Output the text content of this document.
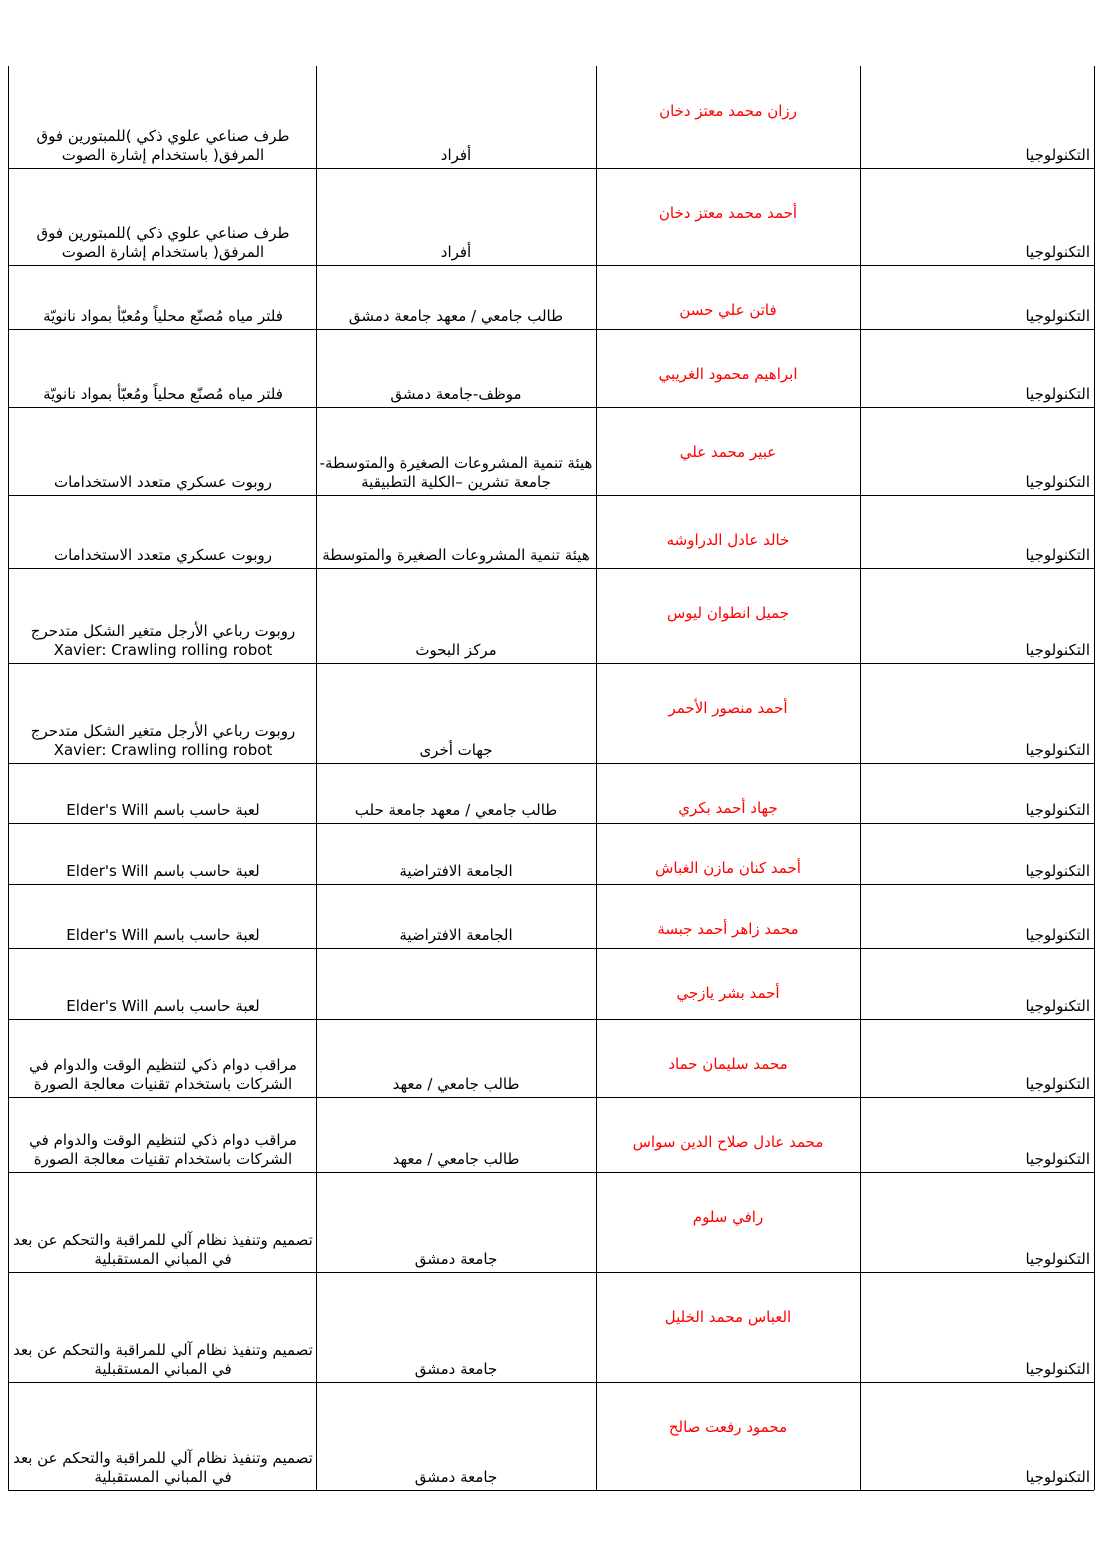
التكنولوجيا
رزان محمد معتز دخان
أفراد
طرف صناعي علوي ذكي )للمبتورين فوق المرفق( باستخدام إشارة الصوت
التكنولوجيا
أحمد محمد معتز دخان
أفراد
طرف صناعي علوي ذكي )للمبتورين فوق المرفق( باستخدام إشارة الصوت
التكنولوجيا
فاتن علي حسن
طالب جامعي / معهد جامعة دمشق
فلتر مياه مُصنّع محلياً ومُعبّأ بمواد نانويّة
التكنولوجيا
ابراهيم محمود الغريبي
موظف-جامعة دمشق
فلتر مياه مُصنّع محلياً ومُعبّأ بمواد نانويّة
التكنولوجيا
عبير محمد علي
هيئة تنمية المشروعات الصغيرة والمتوسطة-جامعة تشرين –الكلية التطبيقية
روبوت عسكري متعدد الاستخدامات
التكنولوجيا
خالد عادل الدراوشه
هيئة تنمية المشروعات الصغيرة والمتوسطة
روبوت عسكري متعدد الاستخدامات
التكنولوجيا
جميل انطوان ليوس
مركز البحوث
روبوت رباعي الأرجل متغير الشكل متدحرج Xavier: Crawling rolling robot
التكنولوجيا
أحمد منصور الأحمر
جهات أخرى
روبوت رباعي الأرجل متغير الشكل متدحرج Xavier: Crawling rolling robot
التكنولوجيا
جهاد أحمد بكري
طالب جامعي / معهد جامعة حلب
لعبة حاسب باسم Elder's Will
التكنولوجيا
أحمد كنان مازن الغباش
الجامعة الافتراضية
لعبة حاسب باسم Elder's Will
التكنولوجيا
محمد زاهر أحمد جبسة
الجامعة الافتراضية
لعبة حاسب باسم Elder's Will
التكنولوجيا
أحمد بشر يازجي
لعبة حاسب باسم Elder's Will
التكنولوجيا
محمد سليمان حماد
طالب جامعي / معهد
مراقب دوام ذكي لتنظيم الوقت والدوام في الشركات باستخدام تقنيات معالجة الصورة
التكنولوجيا
محمد عادل صلاح الدين سواس
طالب جامعي / معهد
مراقب دوام ذكي لتنظيم الوقت والدوام في الشركات باستخدام تقنيات معالجة الصورة
التكنولوجيا
رافي سلوم
جامعة دمشق
تصميم وتنفيذ نظام آلي للمراقبة والتحكم عن بعد في المباني المستقبلية
التكنولوجيا
العباس محمد الخليل
جامعة دمشق
تصميم وتنفيذ نظام آلي للمراقبة والتحكم عن بعد في المباني المستقبلية
التكنولوجيا
محمود رفعت صالح
جامعة دمشق
تصميم وتنفيذ نظام آلي للمراقبة والتحكم عن بعد في المباني المستقبلية
